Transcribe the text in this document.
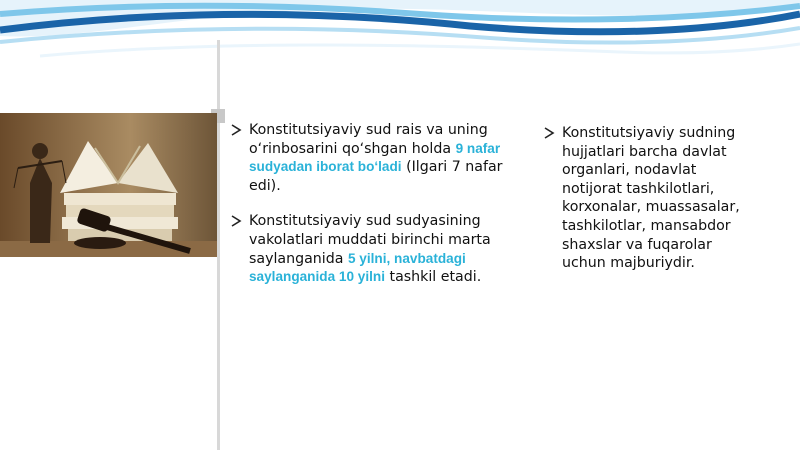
Konstitutsiyaviy sud rais va uning o‘rinbosarini qo‘shgan holda 9 nafar sudyadan iborat bo‘ladi (Ilgari 7 nafar edi).
Konstitutsiyaviy sud sudyasining vakolatlari muddati birinchi marta saylanganida 5 yilni, navbatdagi saylanganida 10 yilni tashkil etadi.
Konstitutsiyaviy sudning hujjatlari barcha davlat organlari, nodavlat notijorat tashkilotlari, korxonalar, muassasalar, tashkilotlar, mansabdor shaxslar va fuqarolar uchun majburiydir.
